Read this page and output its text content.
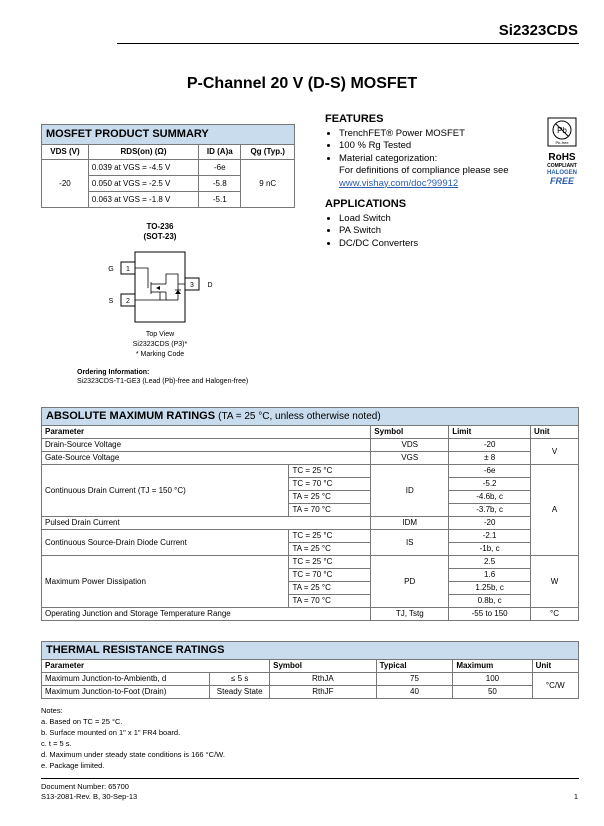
Si2323CDS
P-Channel 20 V (D-S) MOSFET
MOSFET PRODUCT SUMMARY			
VDS (V)	RDS(on) (Ω)	ID (A)a	Qg (Typ.)
-20	0.039 at VGS = -4.5 V	-6e	9 nC
	0.050 at VGS = -2.5 V	-5.8	
	0.063 at VGS = -1.8 V	-5.1	
FEATURES
• TrenchFET® Power MOSFET
• 100 % Rg Tested
• Material categorization:
For definitions of compliance please see
www.vishay.com/doc?99912
Pb
Pb-free
RoHS
COMPLIANT
HALOGEN
FREE
APPLICATIONS
• Load Switch
• PA Switch
• DC/DC Converters
TO-236
(SOT-23)
1
2
3
G
S
D
Top View
Si2323CDS (P3)*
* Marking Code
Ordering Information:
Si2323CDS-T1-GE3 (Lead (Pb)-free and Halogen-free)
ABSOLUTE MAXIMUM RATINGS (TA = 25 °C, unless otherwise noted)				
Parameter		Symbol	Limit	Unit
Drain-Source Voltage		VDS	-20	V
Gate-Source Voltage		VGS	± 8	
Continuous Drain Current (TJ = 150 °C)	TC = 25 °C	ID	-6e	A
	TC = 70 °C		-5.2	
	TA = 25 °C		-4.6b, c	
	TA = 70 °C		-3.7b, c	
Pulsed Drain Current		IDM	-20	
Continuous Source-Drain Diode Current	TC = 25 °C	IS	-2.1	
	TA = 25 °C		-1b, c	
Maximum Power Dissipation	TC = 25 °C	PD	2.5	W
	TC = 70 °C		1.6	
	TA = 25 °C		1.25b, c	
	TA = 70 °C		0.8b, c	
Operating Junction and Storage Temperature Range		TJ, Tstg	-55 to 150	°C
THERMAL RESISTANCE RATINGS					
Parameter		Symbol	Typical	Maximum	Unit
Maximum Junction-to-Ambientb, d	≤ 5 s	RthJA	75	100	°C/W
Maximum Junction-to-Foot (Drain)	Steady State	RthJF	40	50	
Notes:
a. Based on TC = 25 °C.
b. Surface mounted on 1" x 1" FR4 board.
c. t = 5 s.
d. Maximum under steady state conditions is 166 °C/W.
e. Package limited.
Document Number: 65700
S13-2081-Rev. B, 30-Sep-13	1
